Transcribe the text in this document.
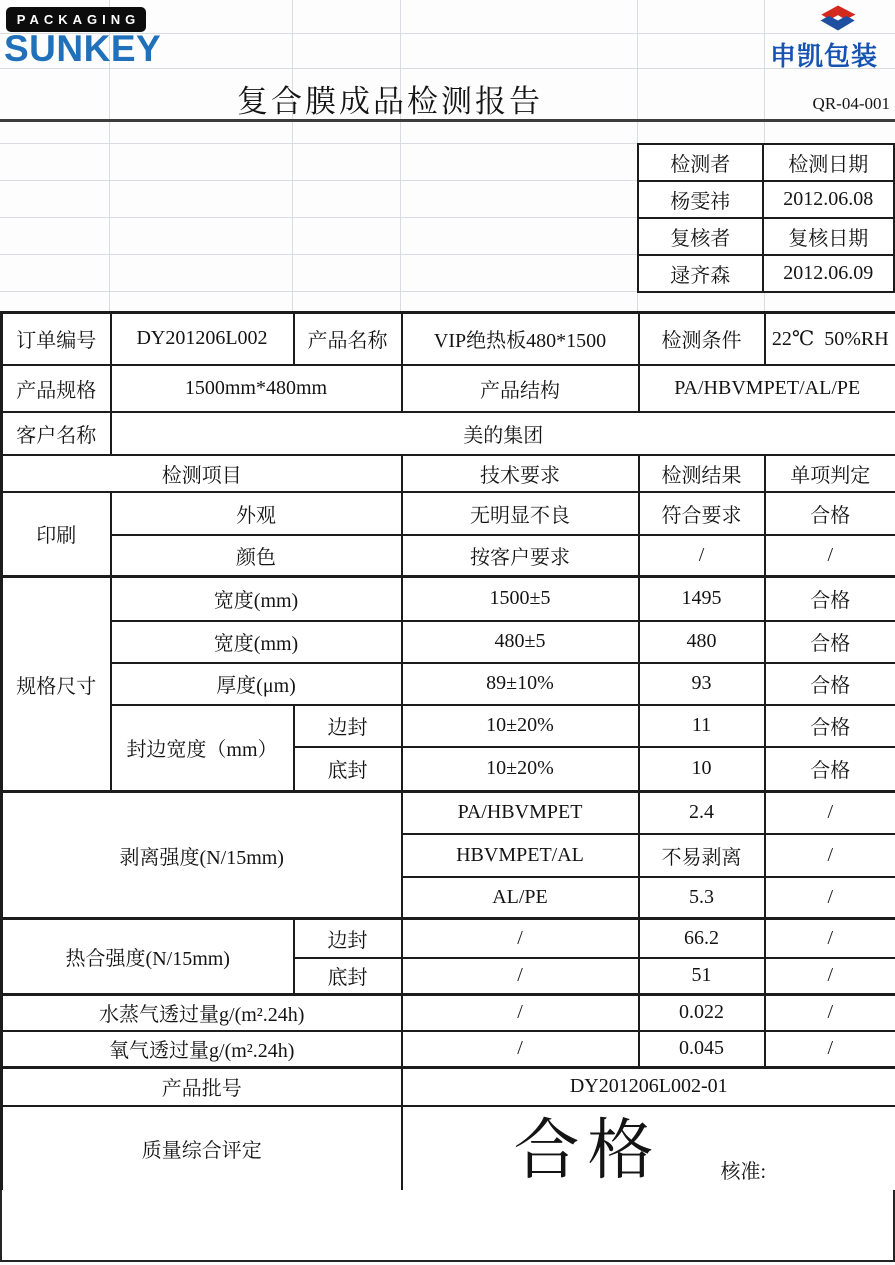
PACKAGING
SUNKEY	申凯包装
复合膜成品检测报告	QR-04-001
检测者	检测日期
杨雯祎	2012.06.08
复核者	复核日期
逯齐森	2012.06.09
订单编号	DY201206L002	产品名称	VIP绝热板480*1500	检测条件	22℃  50%RH
产品规格	1500mm*480mm		产品结构	PA/HBVMPET/AL/PE	
客户名称	美的集团				
检测项目			技术要求	检测结果	单项判定
印刷	外观		无明显不良	符合要求	合格
	颜色		按客户要求	/	/
规格尺寸	宽度(mm)		1500±5	1495	合格
	宽度(mm)		480±5	480	合格
	厚度(μm)		89±10%	93	合格
	封边宽度（mm）	边封	10±20%	11	合格
		底封	10±20%	10	合格
剥离强度(N/15mm)			PA/HBVMPET	2.4	/
			HBVMPET/AL	不易剥离	/
			AL/PE	5.3	/
热合强度(N/15mm)		边封	/	66.2	/
		底封	/	51	/
水蒸气透过量g/(m².24h)			/	0.022	/
氧气透过量g/(m².24h)			/	0.045	/
产品批号			DY201206L002-01		
质量综合评定			合格 核准:		
